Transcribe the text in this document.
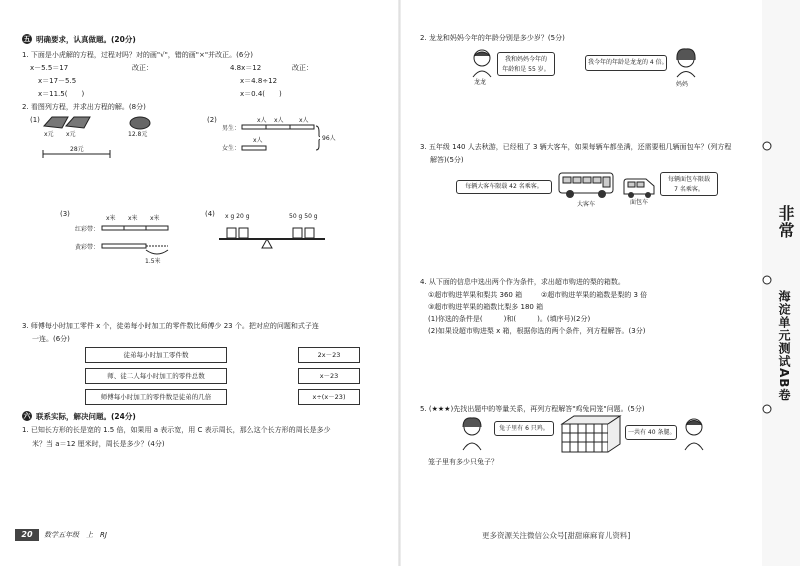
五 明确要求，认真做题。(20分)
1. 下面是小虎解的方程，过程对吗？对的画"√"，错的画"×"并改正。(6分)
x－5.5＝17	改正：
x＝17－5.5
x＝11.5(　　)
4.8x＝12	改正：
x＝4.8÷12
x＝0.4(　　)
2. 看图列方程，并求出方程的解。(8分)
(1)
x元 x元	12.8元
28元
(2)
男生：
女生：
x人 x人	x人
x人	96人
(3)
红彩带：
黄彩带：
x米 x米 x米
1.5米
(4) x g 20 g	50 g 50 g
3. 师傅每小时加工零件 x 个，徒弟每小时加工的零件数比师傅少 23 个。把对应的问题和式子连
一连。(6分)
徒弟每小时加工零件数
师、徒二人每小时加工的零件总数
师傅每小时加工的零件数是徒弟的几倍
2x－23
x－23
x÷(x－23)
六 联系实际，解决问题。(24分)
1. 已知长方形的长是宽的 1.5 倍，如果用 a 表示宽，用 C 表示周长，那么这个长方形的周长是多少
米？当 a＝12 厘米时，周长是多少？(4分)
20	数学五年级　上　RJ
2. 龙龙和妈妈今年的年龄分别是多少岁？(5分)
龙龙
我和妈妈今年的
年龄和是 55 岁。
我今年的年龄是龙龙的 4 倍。
妈妈
3. 五年级 140 人去秋游，已经租了 3 辆大客车，如果每辆车都坐满，还需要租几辆面包车？(列方程
解答)(5分)
每辆大客车限载 42 名乘客。
大客车	面包车
每辆面包车限载
7 名乘客。
4. 从下面的信息中选出两个作为条件，求出超市购进的梨的箱数。
①超市购进苹果和梨共 360 箱	②超市购进苹果的箱数是梨的 3 倍
③超市购进苹果的箱数比梨多 180 箱
(1)你选的条件是(　　　)和(　　　)。(填序号)(2分)
(2)如果设超市购进梨 x 箱，根据你选的两个条件，列方程解答。(3分)
5. (★★★)先找出题中的等量关系，再列方程解答"鸡兔同笼"问题。(5分)
兔子里有 6 只鸡。
一共有 40 条腿。
笼子里有多少只兔子？
更多资源关注微信公众号[甜甜麻麻育儿资料]
非常
海淀单元测试AB卷
